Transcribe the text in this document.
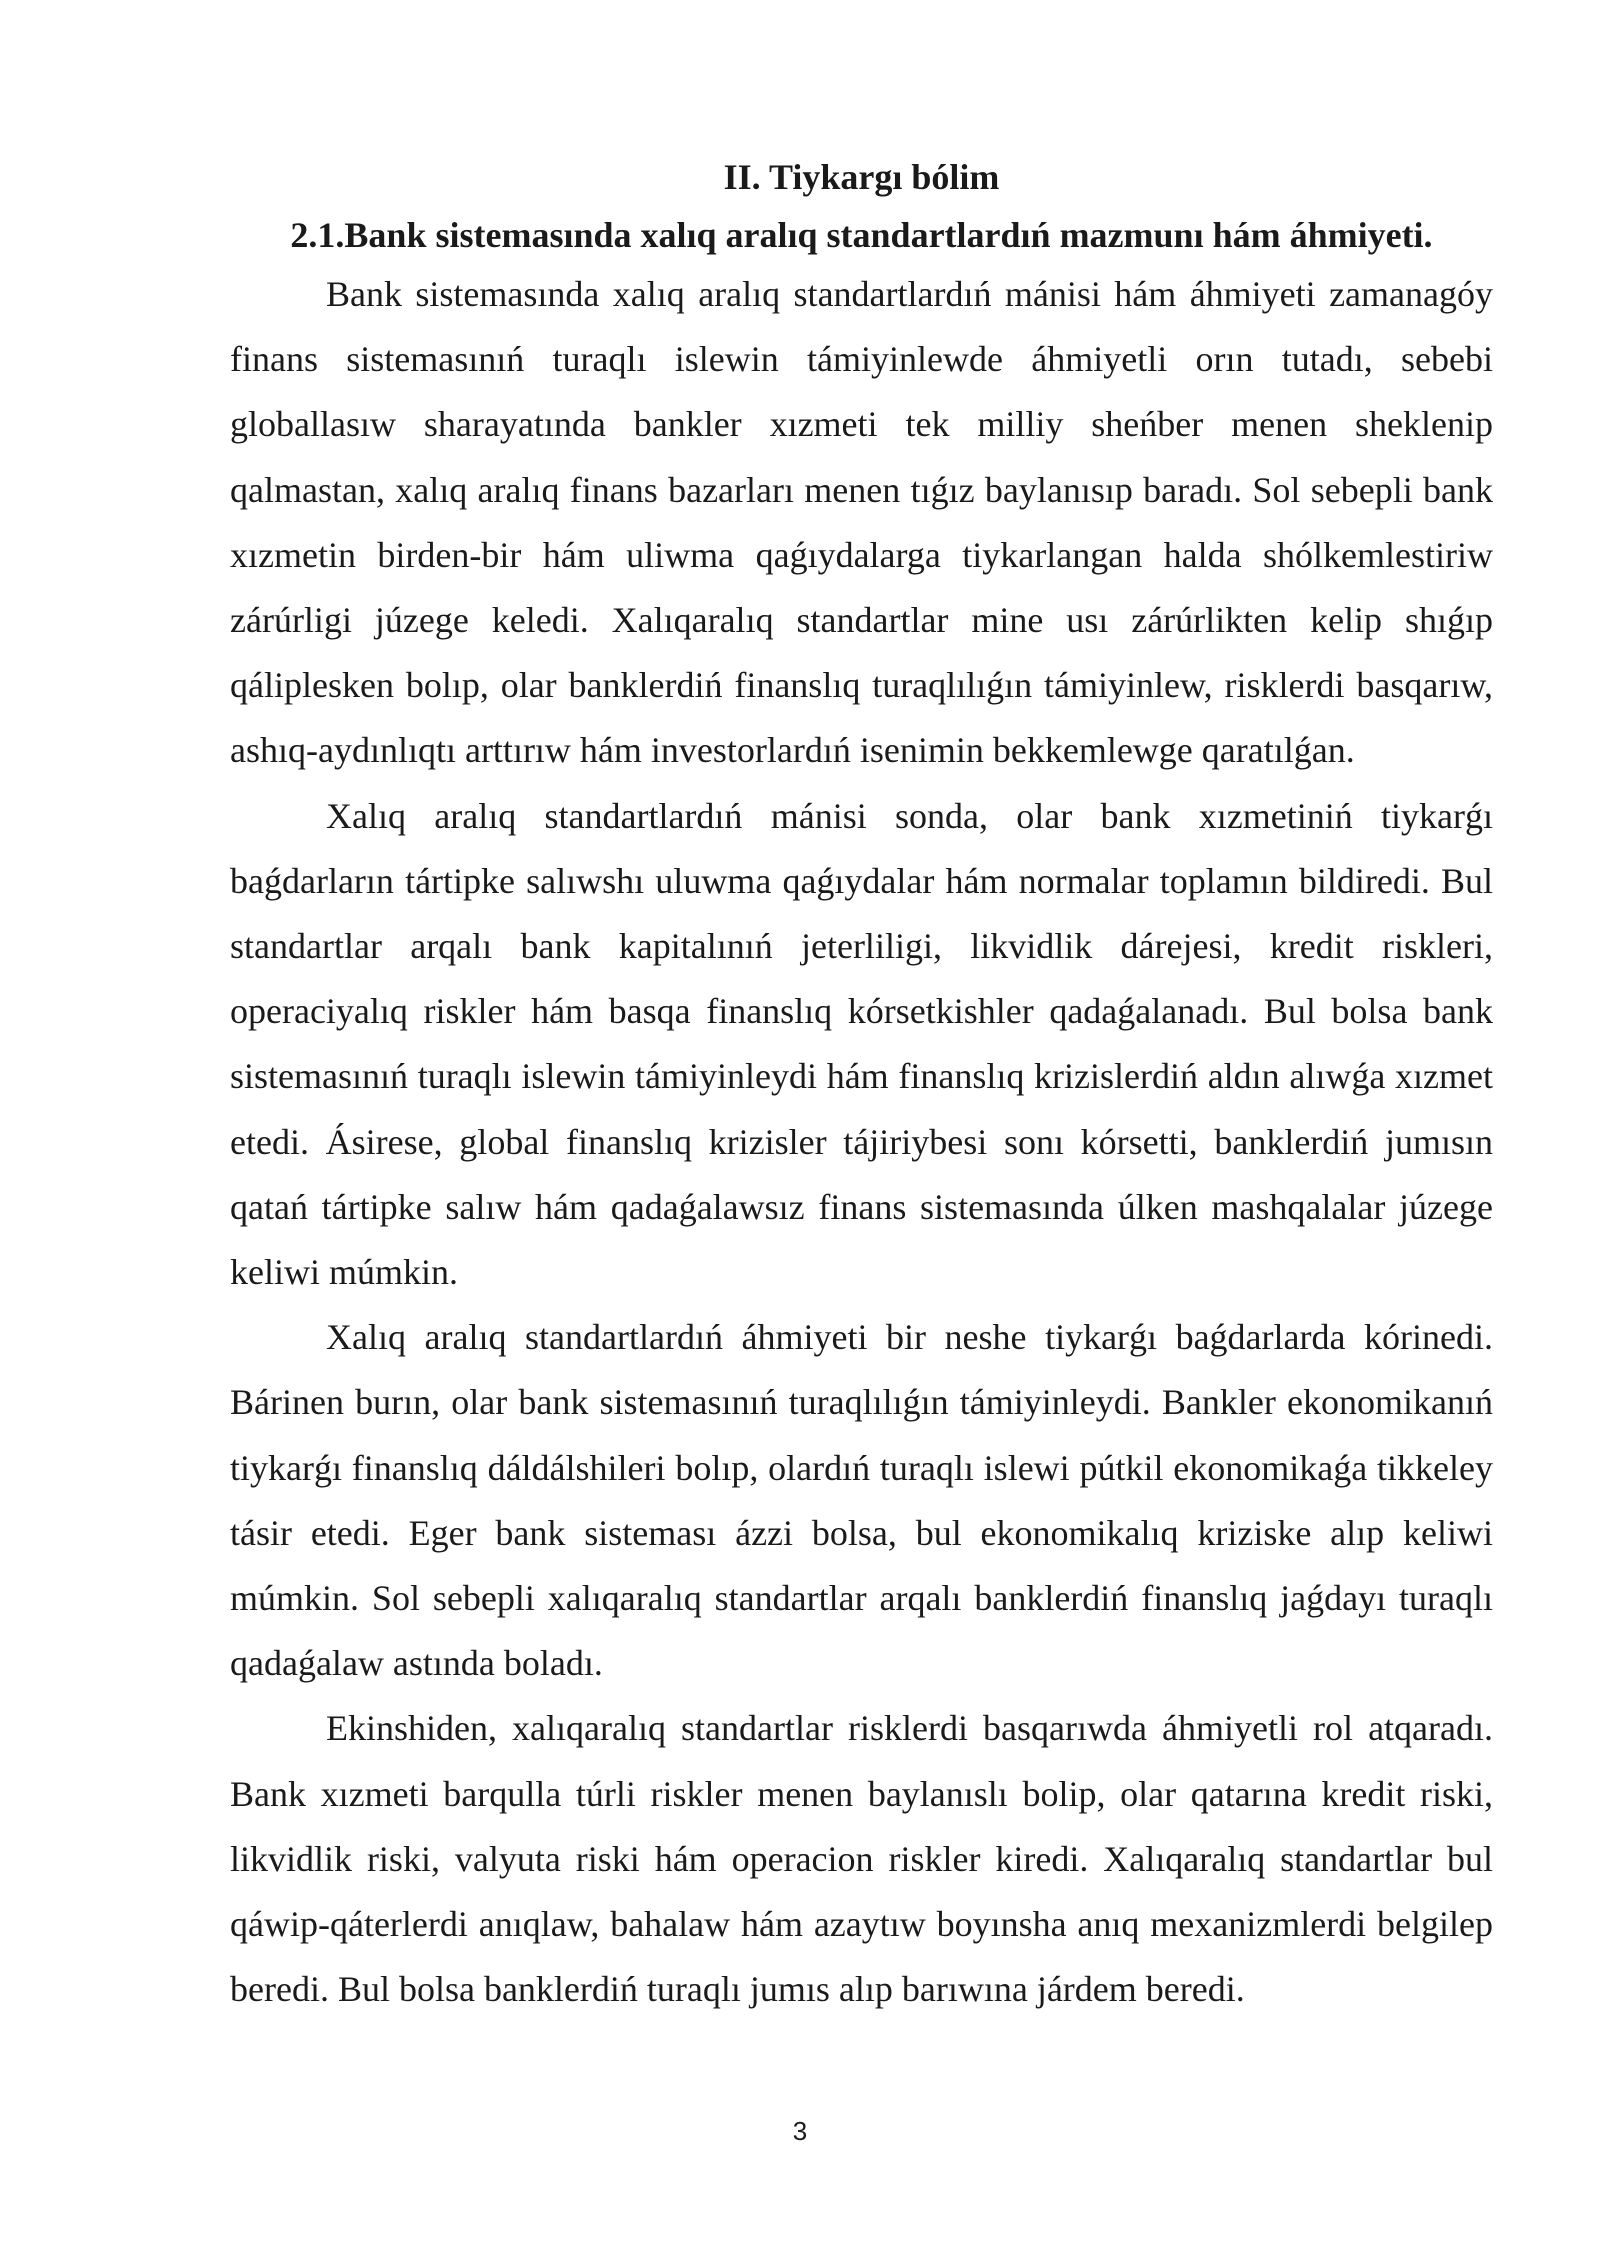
II. Tiykargı bólim
2.1.Bank sistemasında xalıq aralıq standartlardıń mazmunı hám áhmiyeti.

Bank sistemasında xalıq aralıq standartlardıń mánisi hám áhmiyeti zamanagóy finans sistemasınıń turaqlı islewin támiyinlewde áhmiyetli orın tutadı, sebebi globallasıw sharayatında bankler xızmeti tek milliy sheńber menen sheklenip qalmastan, xalıq aralıq finans bazarları menen tıǵız baylanısıp baradı. Sol sebepli bank xızmetin birden-bir hám uliwma qaǵıydalarga tiykarlangan halda shólkemlestiriw zárúrligi júzege keledi. Xalıqaralıq standartlar mine usı zárúrlikten kelip shıǵıp qáliplesken bolıp, olar banklerdiń finanslıq turaqlılıǵın támiyinlew, risklerdi basqarıw, ashıq-aydınlıqtı arttırıw hám investorlardıń isenimin bekkemlewge qaratılǵan.

Xalıq aralıq standartlardıń mánisi sonda, olar bank xızmetiniń tiykarǵı baǵdarların tártipke salıwshı uluwma qaǵıydalar hám normalar toplamın bildiredi. Bul standartlar arqalı bank kapitalınıń jeterliligi, likvidlik dárejesi, kredit riskleri, operaciyalıq riskler hám basqa finanslıq kórsetkishler qadaǵalanadı. Bul bolsa bank sistemasınıń turaqlı islewin támiyinleydi hám finanslıq krizislerdiń aldın alıwǵa xızmet etedi. Ásirese, global finanslıq krizisler tájiriybesi sonı kórsetti, banklerdiń jumısın qatań tártipke salıw hám qadaǵalawsız finans sistemasında úlken mashqalalar júzege keliwi múmkin.

Xalıq aralıq standartlardıń áhmiyeti bir neshe tiykarǵı baǵdarlarda kórinedi. Bárinen burın, olar bank sistemasınıń turaqlılıǵın támiyinleydi. Bankler ekonomikanıń tiykarǵı finanslıq dáldálshileri bolıp, olardıń turaqlı islewi pútkil ekonomikaǵa tikkeley tásir etedi. Eger bank sisteması ázzi bolsa, bul ekonomikalıq kriziske alıp keliwi múmkin. Sol sebepli xalıqaralıq standartlar arqalı banklerdiń finanslıq jaǵdayı turaqlı qadaǵalaw astında boladı.

Ekinshiden, xalıqaralıq standartlar risklerdi basqarıwda áhmiyetli rol atqaradı. Bank xızmeti barqulla túrli riskler menen baylanıslı bolip, olar qatarına kredit riski, likvidlik riski, valyuta riski hám operacion riskler kiredi. Xalıqaralıq standartlar bul qáwip-qáterlerdi anıqlaw, bahalaw hám azaytıw boyınsha anıq mexanizmlerdi belgilep beredi. Bul bolsa banklerdiń turaqlı jumıs alıp barıwına járdem beredi.

3
